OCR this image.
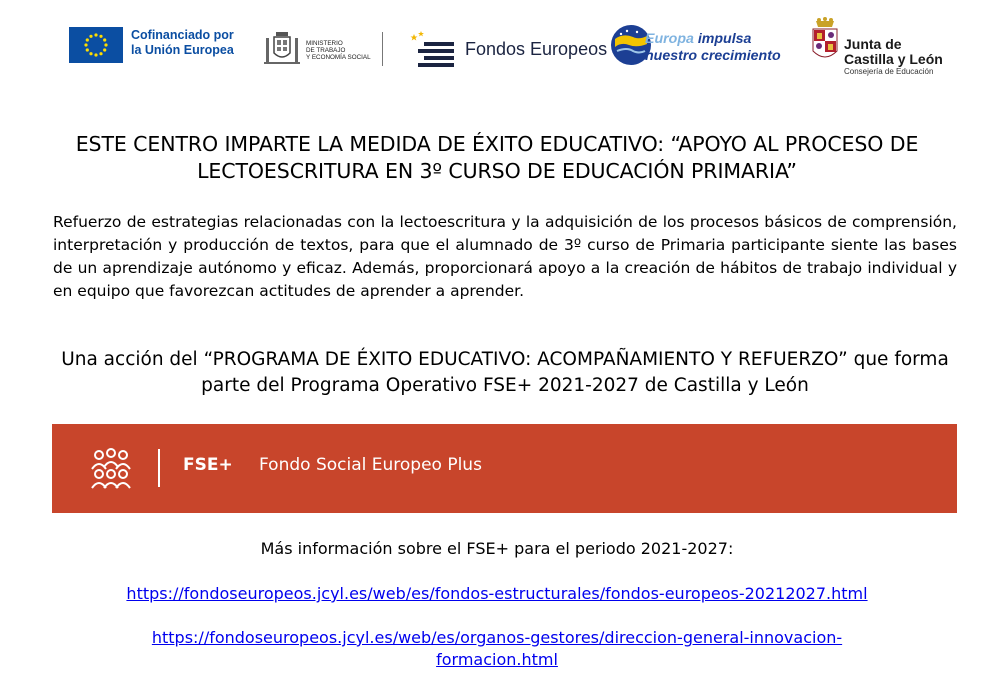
Cofinanciado por
la Unión Europea	MINISTERIO
DE TRABAJO
Y ECONOMÍA SOCIAL	Fondos Europeos	Europa impulsa
nuestro crecimiento
Junta de
Castilla y León
Consejería de Educación
ESTE CENTRO IMPARTE LA MEDIDA DE ÉXITO EDUCATIVO: “APOYO AL PROCESO DE LECTOESCRITURA EN 3º CURSO DE EDUCACIÓN PRIMARIA”
Refuerzo de estrategias relacionadas con la lectoescritura y la adquisición de los procesos básicos de comprensión, interpretación y producción de textos, para que el alumnado de 3º curso de Primaria participante siente las bases de un aprendizaje autónomo y eficaz. Además, proporcionará apoyo a la creación de hábitos de trabajo individual y en equipo que favorezcan actitudes de aprender a aprender.
Una acción del “PROGRAMA DE ÉXITO EDUCATIVO: ACOMPAÑAMIENTO Y REFUERZO” que forma parte del Programa Operativo FSE+ 2021-2027 de Castilla y León
FSE+ Fondo Social Europeo Plus
Más información sobre el FSE+ para el periodo 2021-2027:
https://fondoseuropeos.jcyl.es/web/es/fondos-estructurales/fondos-europeos-20212027.html
https://fondoseuropeos.jcyl.es/web/es/organos-gestores/direccion-general-innovacion-
formacion.html
